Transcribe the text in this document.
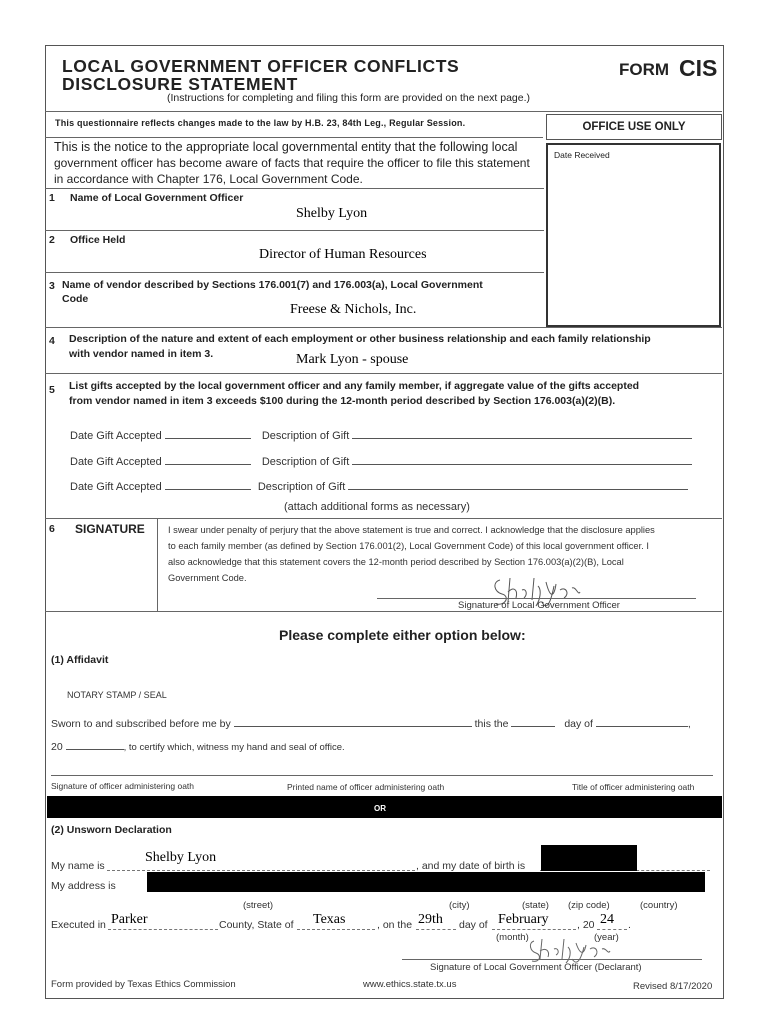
LOCAL GOVERNMENT OFFICER CONFLICTS
DISCLOSURE STATEMENT
FORM CIS
(Instructions for completing and filing this form are provided on the next page.)
This questionnaire reflects changes made to the law by H.B. 23, 84th Leg., Regular Session.	OFFICE USE ONLY
Date Received
This is the notice to the appropriate local governmental entity that the following local
government officer has become aware of facts that require the officer to file this statement
in accordance with Chapter 176, Local Government Code.
1 Name of Local Government Officer
Shelby Lyon
2 Office Held
Director of Human Resources
3 Name of vendor described by Sections 176.001(7) and 176.003(a), Local Government
Code
Freese & Nichols, Inc.
4 Description of the nature and extent of each employment or other business relationship and each family relationship
with vendor named in item 3.	Mark Lyon - spouse
5 List gifts accepted by the local government officer and any family member, if aggregate value of the gifts accepted
from vendor named in item 3 exceeds $100 during the 12-month period described by Section 176.003(a)(2)(B).
Date Gift Accepted	Description of Gift
Date Gift Accepted	Description of Gift
Date Gift Accepted	Description of Gift
(attach additional forms as necessary)
6 SIGNATURE I swear under penalty of perjury that the above statement is true and correct. I acknowledge that the disclosure applies
to each family member (as defined by Section 176.001(2), Local Government Code) of this local government officer. I
also acknowledge that this statement covers the 12-month period described by Section 176.003(a)(2)(B), Local
Government Code.
Signature of Local Government Officer
Please complete either option below:
(1) Affidavit
NOTARY STAMP / SEAL
Sworn to and subscribed before me by	this the	day of	,
20	, to certify which, witness my hand and seal of office.
Signature of officer administering oath	Printed name of officer administering oath	Title of officer administering oath
OR
(2) Unsworn Declaration
My name is
Shelby Lyon
, and my date of birth is
My address is
(street)	(city)	(state) (zip code)	(country)
Executed in Parker	County, State of Texas	, on the 29th day of February	, 20 24 .
(month)	(year)
Signature of Local Government Officer (Declarant)
Form provided by Texas Ethics Commission	www.ethics.state.tx.us	Revised 8/17/2020
